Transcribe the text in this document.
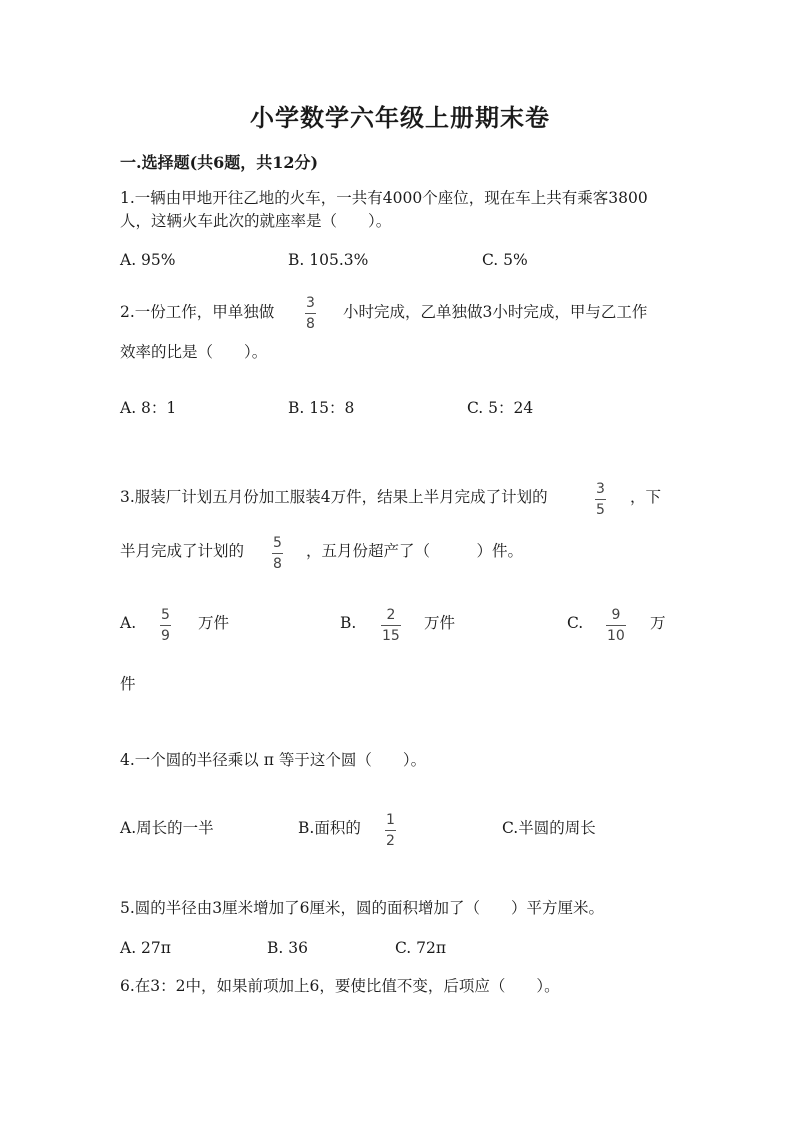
小学数学六年级上册期末卷
一.选择题(共6题，共12分)
1.一辆由甲地开往乙地的火车，一共有4000个座位，现在车上共有乘客3800
人，这辆火车此次的就座率是（　　）。
A. 95%	B. 105.3%	C. 5%
2.一份工作，甲单独做 3
8
小时完成，乙单独做3小时完成，甲与乙工作
效率的比是（　　）。
A. 8：1	B. 15：8	C. 5：24
3.服装厂计划五月份加工服装4万件，结果上半月完成了计划的	3
5
，下
半月完成了计划的 5
8
，五月份超产了（　　　）件。
A. 5
9
万件	B. 2
15
万件	C. 9
10
万
件
4.一个圆的半径乘以 π 等于这个圆（　　）。
A.周长的一半	B.面积的 1
2
C.半圆的周长
5.圆的半径由3厘米增加了6厘米，圆的面积增加了（　　）平方厘米。
A. 27π	B. 36	C. 72π
6.在3：2中，如果前项加上6，要使比值不变，后项应（　　）。
